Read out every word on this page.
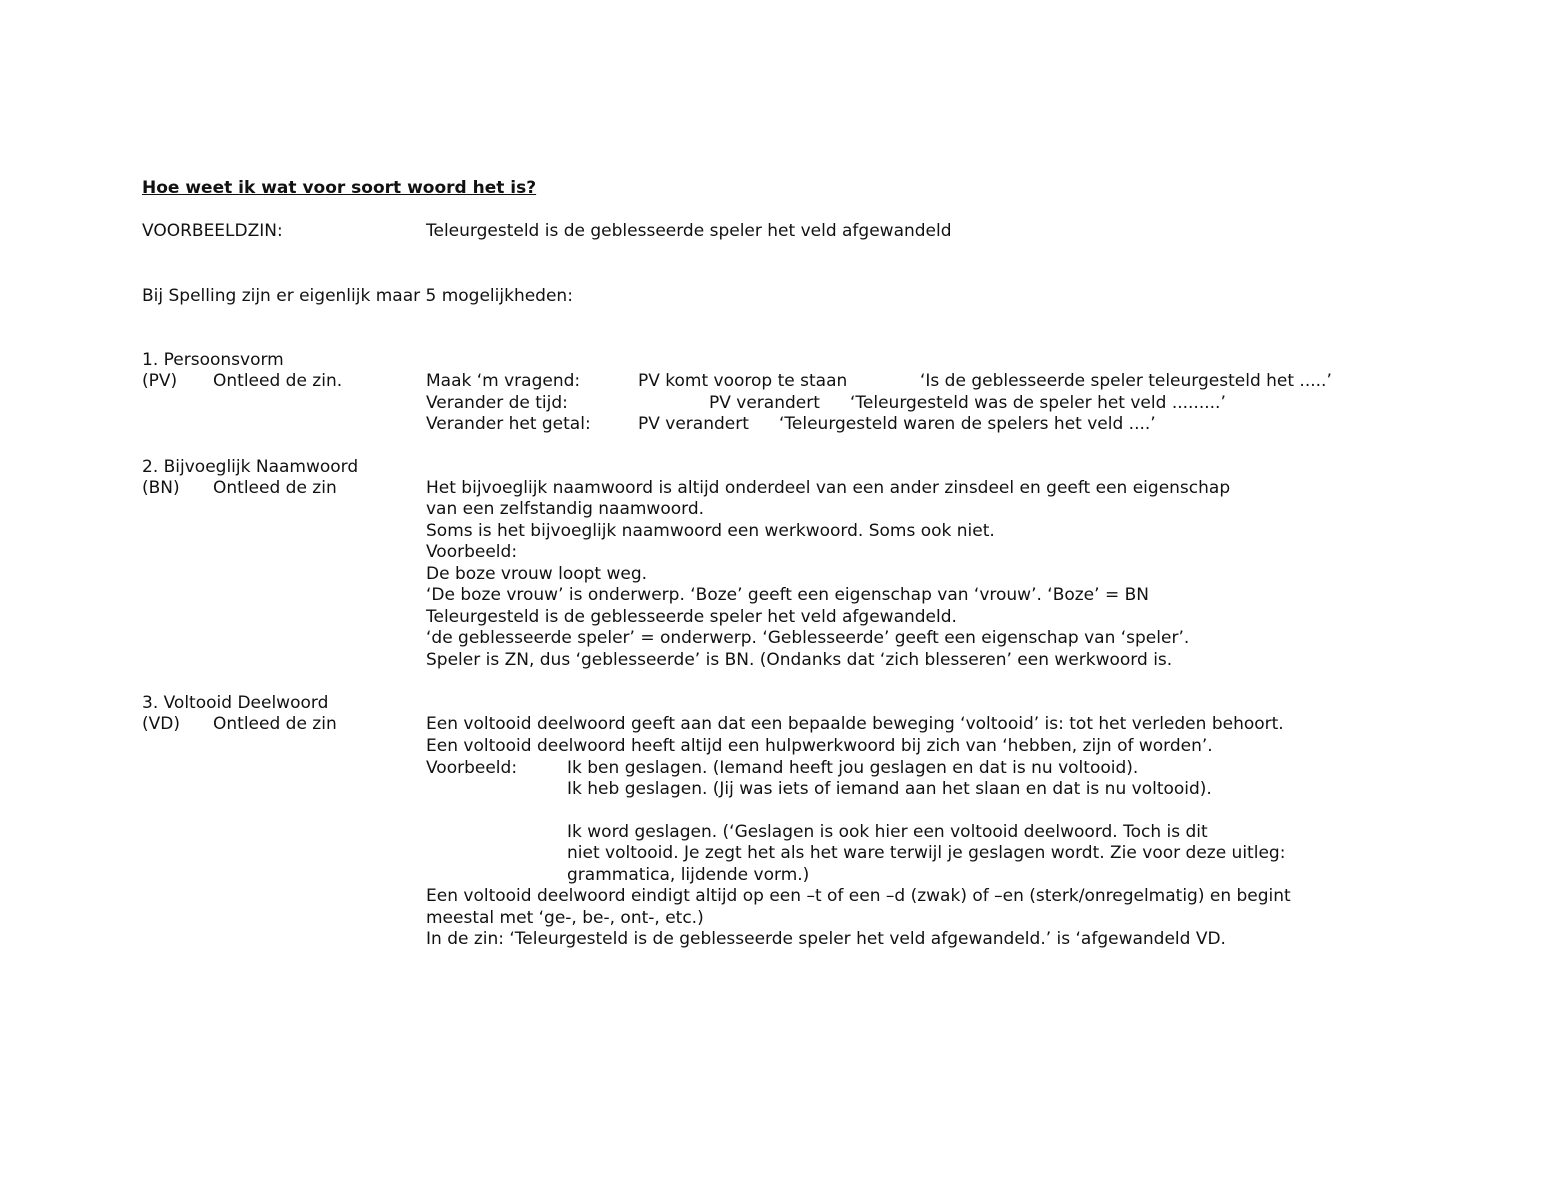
Hoe weet ik wat voor soort woord het is?
VOORBEELDZIN:	Teleurgesteld is de geblesseerde speler het veld afgewandeld
Bij Spelling zijn er eigenlijk maar 5 mogelijkheden:
1. Persoonsvorm
(PV) Ontleed de zin.	Maak ‘m vragend:	PV komt voorop te staan	‘Is de geblesseerde speler teleurgesteld het .....’
Verander de tijd:	PV verandert ‘Teleurgesteld was de speler het veld .........’
Verander het getal:	PV verandert ‘Teleurgesteld waren de spelers het veld ....’
2. Bijvoeglijk Naamwoord
(BN) Ontleed de zin	Het bijvoeglijk naamwoord is altijd onderdeel van een ander zinsdeel en geeft een eigenschap
van een zelfstandig naamwoord.
Soms is het bijvoeglijk naamwoord een werkwoord. Soms ook niet.
Voorbeeld:
De boze vrouw loopt weg.
‘De boze vrouw’ is onderwerp. ‘Boze’ geeft een eigenschap van ‘vrouw’. ‘Boze’ = BN
Teleurgesteld is de geblesseerde speler het veld afgewandeld.
‘de geblesseerde speler’ = onderwerp. ‘Geblesseerde’ geeft een eigenschap van ‘speler’.
Speler is ZN, dus ‘geblesseerde’ is BN. (Ondanks dat ‘zich blesseren’ een werkwoord is.
3. Voltooid Deelwoord
(VD) Ontleed de zin	Een voltooid deelwoord geeft aan dat een bepaalde beweging ‘voltooid’ is: tot het verleden behoort.
Een voltooid deelwoord heeft altijd een hulpwerkwoord bij zich van ‘hebben, zijn of worden’.
Voorbeeld:	Ik ben geslagen. (Iemand heeft jou geslagen en dat is nu voltooid).
Ik heb geslagen. (Jij was iets of iemand aan het slaan en dat is nu voltooid).
Ik word geslagen. (‘Geslagen is ook hier een voltooid deelwoord. Toch is dit
niet voltooid. Je zegt het als het ware terwijl je geslagen wordt. Zie voor deze uitleg:
grammatica, lijdende vorm.)
Een voltooid deelwoord eindigt altijd op een –t of een –d (zwak) of –en (sterk/onregelmatig) en begint
meestal met ‘ge-, be-, ont-, etc.)
In de zin: ‘Teleurgesteld is de geblesseerde speler het veld afgewandeld.’ is ‘afgewandeld VD.
